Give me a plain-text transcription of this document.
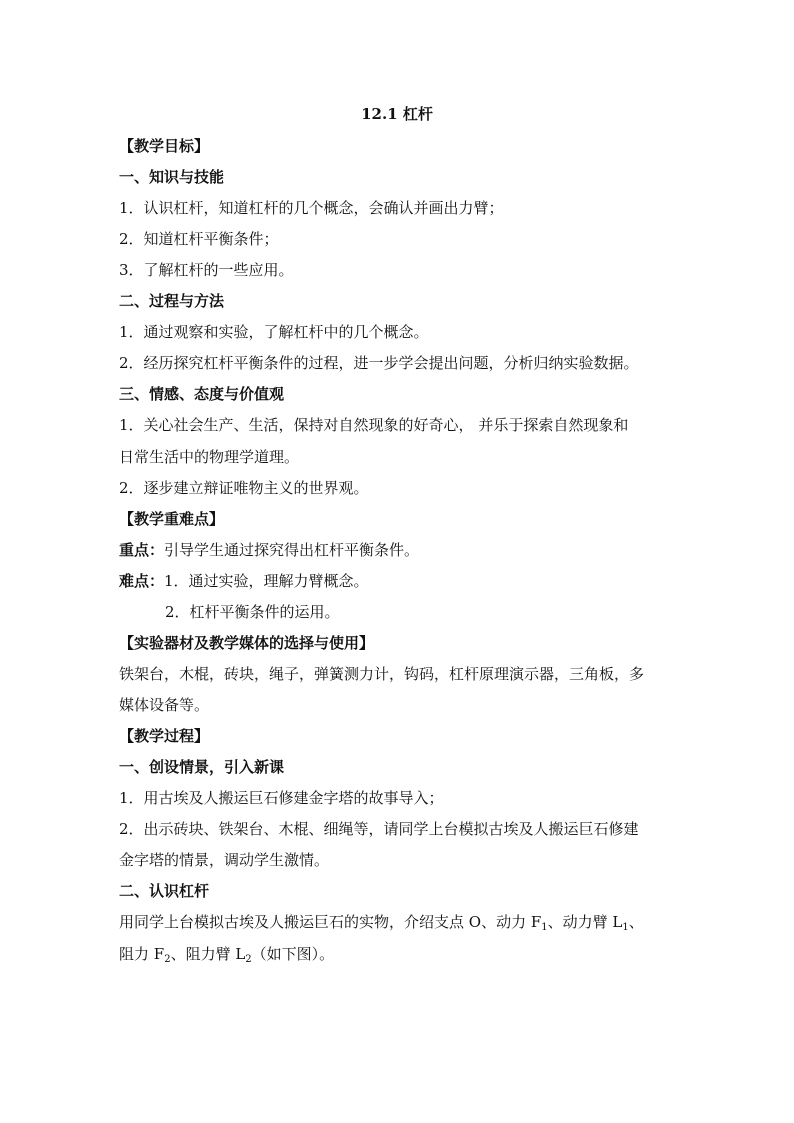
12.1 杠杆
【教学目标】
一、知识与技能
1．认识杠杆，知道杠杆的几个概念，会确认并画出力臂；
2．知道杠杆平衡条件；
3．了解杠杆的一些应用。
二、过程与方法
1．通过观察和实验，了解杠杆中的几个概念。
2．经历探究杠杆平衡条件的过程，进一步学会提出问题，分析归纳实验数据。
三、情感、态度与价值观
1．关心社会生产、生活，保持对自然现象的好奇心， 并乐于探索自然现象和
日常生活中的物理学道理。
2．逐步建立辩证唯物主义的世界观。
【教学重难点】
重点：引导学生通过探究得出杠杆平衡条件。
难点：1．通过实验，理解力臂概念。
2．杠杆平衡条件的运用。
【实验器材及教学媒体的选择与使用】
铁架台，木棍，砖块，绳子，弹簧测力计，钩码，杠杆原理演示器，三角板，多
媒体设备等。
【教学过程】
一、创设情景，引入新课
1．用古埃及人搬运巨石修建金字塔的故事导入；
2．出示砖块、铁架台、木棍、细绳等，请同学上台模拟古埃及人搬运巨石修建
金字塔的情景，调动学生激情。
二、认识杠杆
用同学上台模拟古埃及人搬运巨石的实物，介绍支点 O、动力 $F_1$、动力臂 $L_1$、
阻力 $F_2$、阻力臂 $L_2$（如下图）。
